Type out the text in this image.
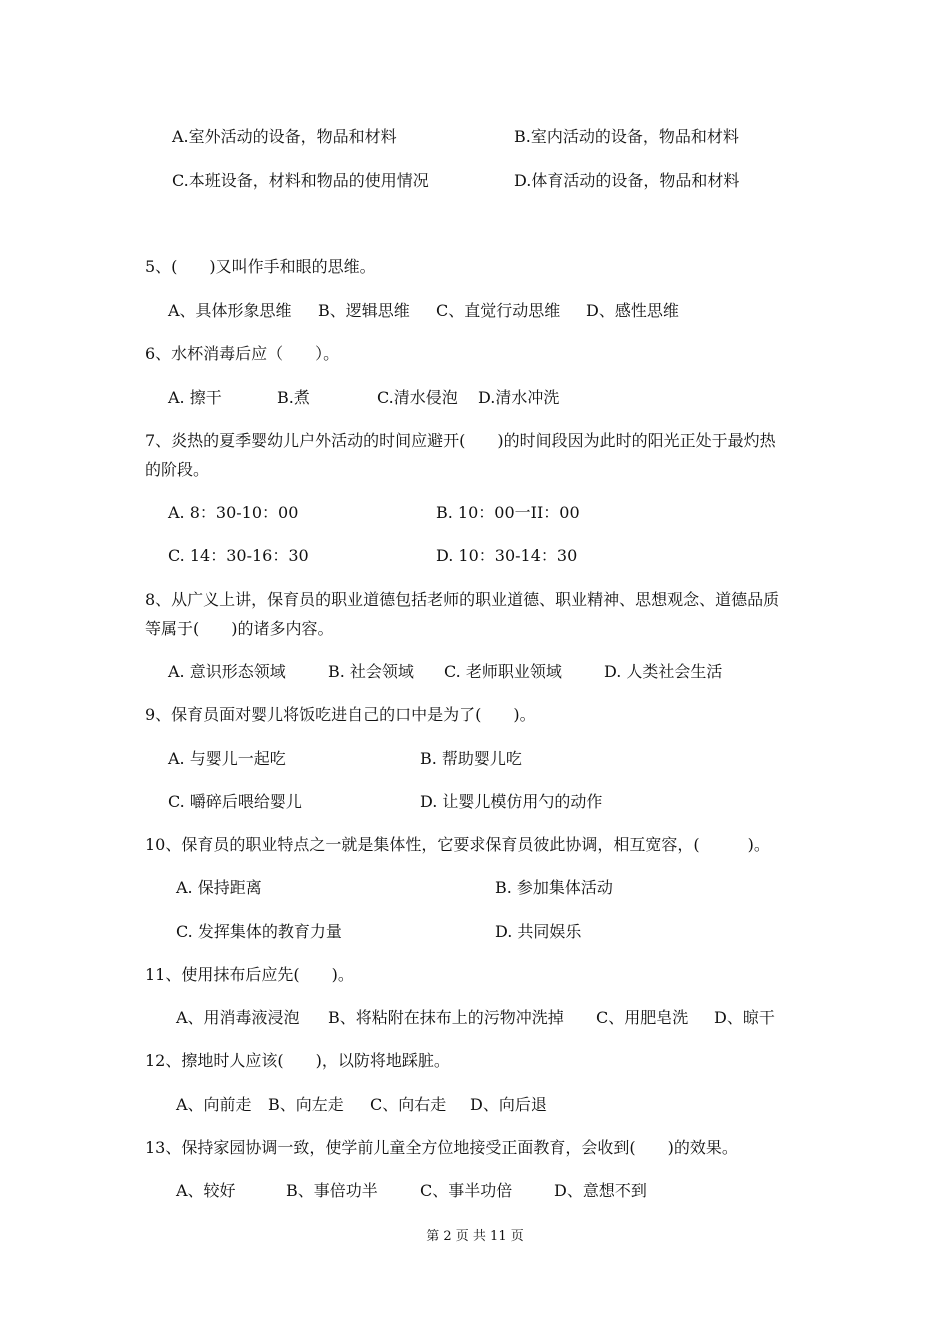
A.室外活动的设备，物品和材料	B.室内活动的设备，物品和材料
C.本班设备，材料和物品的使用情况	D.体育活动的设备，物品和材料
5、(　　)又叫作手和眼的思维。
A、具体形象思维 B、逻辑思维 C、直觉行动思维 D、感性思维
6、水杯消毒后应（　　）。
A. 擦干	B.煮	C.清水侵泡 D.清水冲洗
7、炎热的夏季婴幼儿户外活动的时间应避开(　　)的时间段因为此时的阳光正处于最灼热
的阶段。
A. 8：30-10：00	B. 10：00一II：00
C. 14：30-16：30	D. 10：30-14：30
8、从广义上讲，保育员的职业道德包括老师的职业道德、职业精神、思想观念、道德品质
等属于(　　)的诸多内容。
A. 意识形态领域	B. 社会领域 C. 老师职业领域	D. 人类社会生活
9、保育员面对婴儿将饭吃进自己的口中是为了(　　)。
A. 与婴儿一起吃	B. 帮助婴儿吃
C. 嚼碎后喂给婴儿	D. 让婴儿模仿用勺的动作
10、保育员的职业特点之一就是集体性，它要求保育员彼此协调，相互宽容，(　　　)。
A. 保持距离	B. 参加集体活动
C. 发挥集体的教育力量	D. 共同娱乐
11、使用抹布后应先(　　)。
A、用消毒液浸泡 B、将粘附在抹布上的污物冲洗掉 C、用肥皂洗 D、晾干
12、擦地时人应该(　　)，以防将地踩脏。
A、向前走 B、向左走 C、向右走 D、向后退
13、保持家园协调一致，使学前儿童全方位地接受正面教育，会收到(　　)的效果。
A、较好	B、事倍功半	C、事半功倍	D、意想不到
第 2 页 共 11 页
